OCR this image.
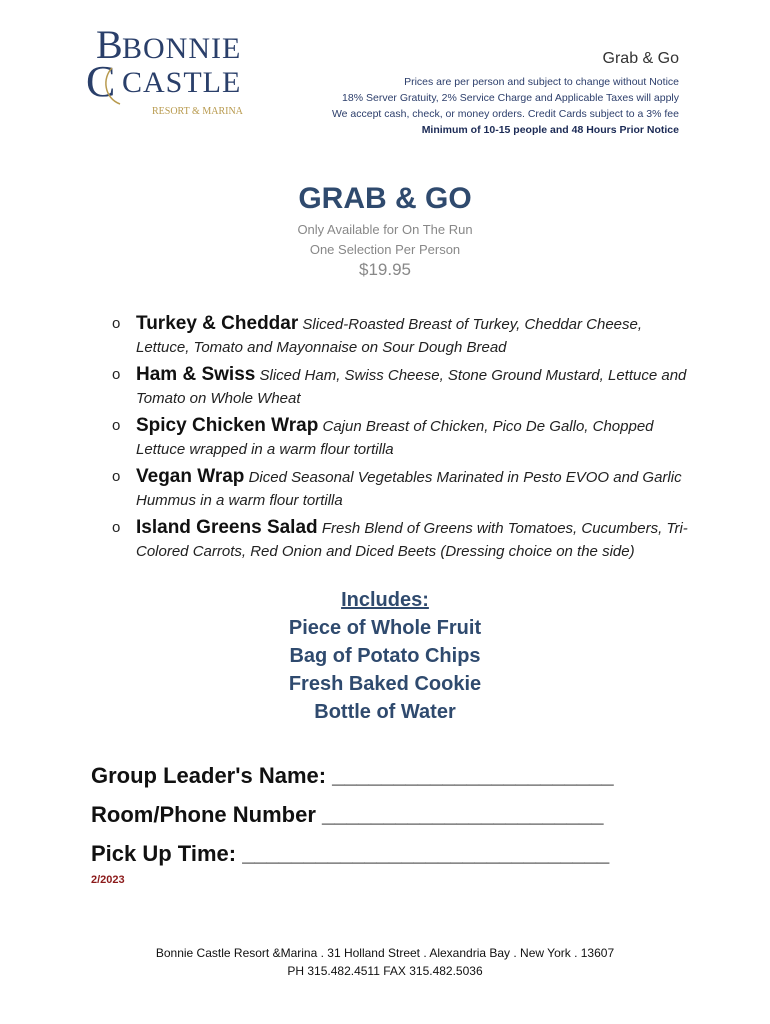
B BONNIE
C CASTLE
RESORT & MARINA
Grab & Go
Prices are per person and subject to change without Notice
18% Server Gratuity, 2% Service Charge and Applicable Taxes will apply
We accept cash, check, or money orders. Credit Cards subject to a 3% fee
Minimum of 10-15 people and 48 Hours Prior Notice
GRAB & GO
Only Available for On The Run
One Selection Per Person
$19.95
o Turkey & Cheddar Sliced-Roasted Breast of Turkey, Cheddar Cheese, Lettuce, Tomato and Mayonnaise on Sour Dough Bread
o Ham & Swiss Sliced Ham, Swiss Cheese, Stone Ground Mustard, Lettuce and Tomato on Whole Wheat
o Spicy Chicken Wrap Cajun Breast of Chicken, Pico De Gallo, Chopped Lettuce wrapped in a warm flour tortilla
o Vegan Wrap Diced Seasonal Vegetables Marinated in Pesto EVOO and Garlic Hummus in a warm flour tortilla
o Island Greens Salad Fresh Blend of Greens with Tomatoes, Cucumbers, Tri-Colored Carrots, Red Onion and Diced Beets (Dressing choice on the side)
Includes:
Piece of Whole Fruit
Bag of Potato Chips
Fresh Baked Cookie
Bottle of Water
Group Leader's Name: _______________________
Room/Phone Number _______________________
Pick Up Time: ______________________________
2/2023
Bonnie Castle Resort &Marina . 31 Holland Street . Alexandria Bay . New York . 13607
PH 315.482.4511 FAX 315.482.5036
